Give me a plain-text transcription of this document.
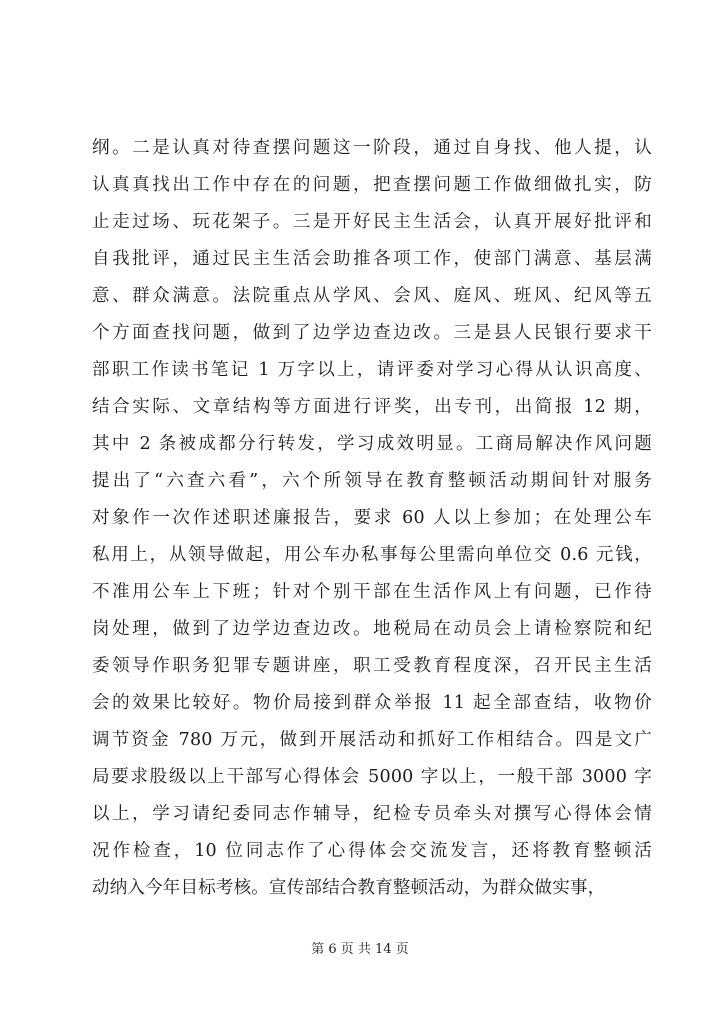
纲。二是认真对待查摆问题这一阶段，通过自身找、他人提，认
认真真找出工作中存在的问题，把查摆问题工作做细做扎实，防
止走过场、玩花架子。三是开好民主生活会，认真开展好批评和
自我批评，通过民主生活会助推各项工作，使部门满意、基层满
意、群众满意。法院重点从学风、会风、庭风、班风、纪风等五
个方面查找问题，做到了边学边查边改。三是县人民银行要求干
部职工作读书笔记 1 万字以上，请评委对学习心得从认识高度、
结合实际、文章结构等方面进行评奖，出专刊，出简报 12 期，
其中 2 条被成都分行转发，学习成效明显。工商局解决作风问题
提出了“六查六看”，六个所领导在教育整顿活动期间针对服务
对象作一次作述职述廉报告，要求 60 人以上参加；在处理公车
私用上，从领导做起，用公车办私事每公里需向单位交 0.6 元钱，
不准用公车上下班；针对个别干部在生活作风上有问题，已作待
岗处理，做到了边学边查边改。地税局在动员会上请检察院和纪
委领导作职务犯罪专题讲座，职工受教育程度深，召开民主生活
会的效果比较好。物价局接到群众举报 11 起全部查结，收物价
调节资金 780 万元，做到开展活动和抓好工作相结合。四是文广
局要求股级以上干部写心得体会 5000 字以上，一般干部 3000 字
以上，学习请纪委同志作辅导，纪检专员牵头对撰写心得体会情
况作检查，10 位同志作了心得体会交流发言，还将教育整顿活
动纳入今年目标考核。宣传部结合教育整顿活动，为群众做实事，
第 6 页 共 14 页
